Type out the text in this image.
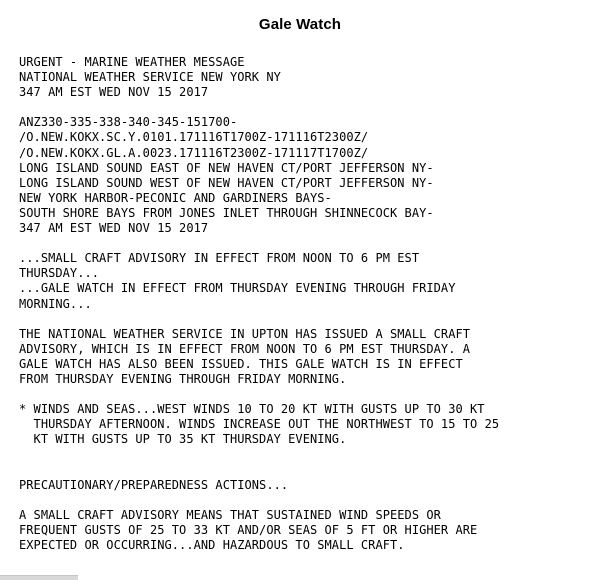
Gale Watch
URGENT - MARINE WEATHER MESSAGE
NATIONAL WEATHER SERVICE NEW YORK NY
347 AM EST WED NOV 15 2017
ANZ330-335-338-340-345-151700-
/O.NEW.KOKX.SC.Y.0101.171116T1700Z-171116T2300Z/
/O.NEW.KOKX.GL.A.0023.171116T2300Z-171117T1700Z/
LONG ISLAND SOUND EAST OF NEW HAVEN CT/PORT JEFFERSON NY-
LONG ISLAND SOUND WEST OF NEW HAVEN CT/PORT JEFFERSON NY-
NEW YORK HARBOR-PECONIC AND GARDINERS BAYS-
SOUTH SHORE BAYS FROM JONES INLET THROUGH SHINNECOCK BAY-
347 AM EST WED NOV 15 2017
...SMALL CRAFT ADVISORY IN EFFECT FROM NOON TO 6 PM EST
THURSDAY...
...GALE WATCH IN EFFECT FROM THURSDAY EVENING THROUGH FRIDAY
MORNING...
THE NATIONAL WEATHER SERVICE IN UPTON HAS ISSUED A SMALL CRAFT
ADVISORY, WHICH IS IN EFFECT FROM NOON TO 6 PM EST THURSDAY. A
GALE WATCH HAS ALSO BEEN ISSUED. THIS GALE WATCH IS IN EFFECT
FROM THURSDAY EVENING THROUGH FRIDAY MORNING.
* WINDS AND SEAS...WEST WINDS 10 TO 20 KT WITH GUSTS UP TO 30 KT
THURSDAY AFTERNOON. WINDS INCREASE OUT THE NORTHWEST TO 15 TO 25
KT WITH GUSTS UP TO 35 KT THURSDAY EVENING.
PRECAUTIONARY/PREPAREDNESS ACTIONS...
A SMALL CRAFT ADVISORY MEANS THAT SUSTAINED WIND SPEEDS OR
FREQUENT GUSTS OF 25 TO 33 KT AND/OR SEAS OF 5 FT OR HIGHER ARE
EXPECTED OR OCCURRING...AND HAZARDOUS TO SMALL CRAFT.
